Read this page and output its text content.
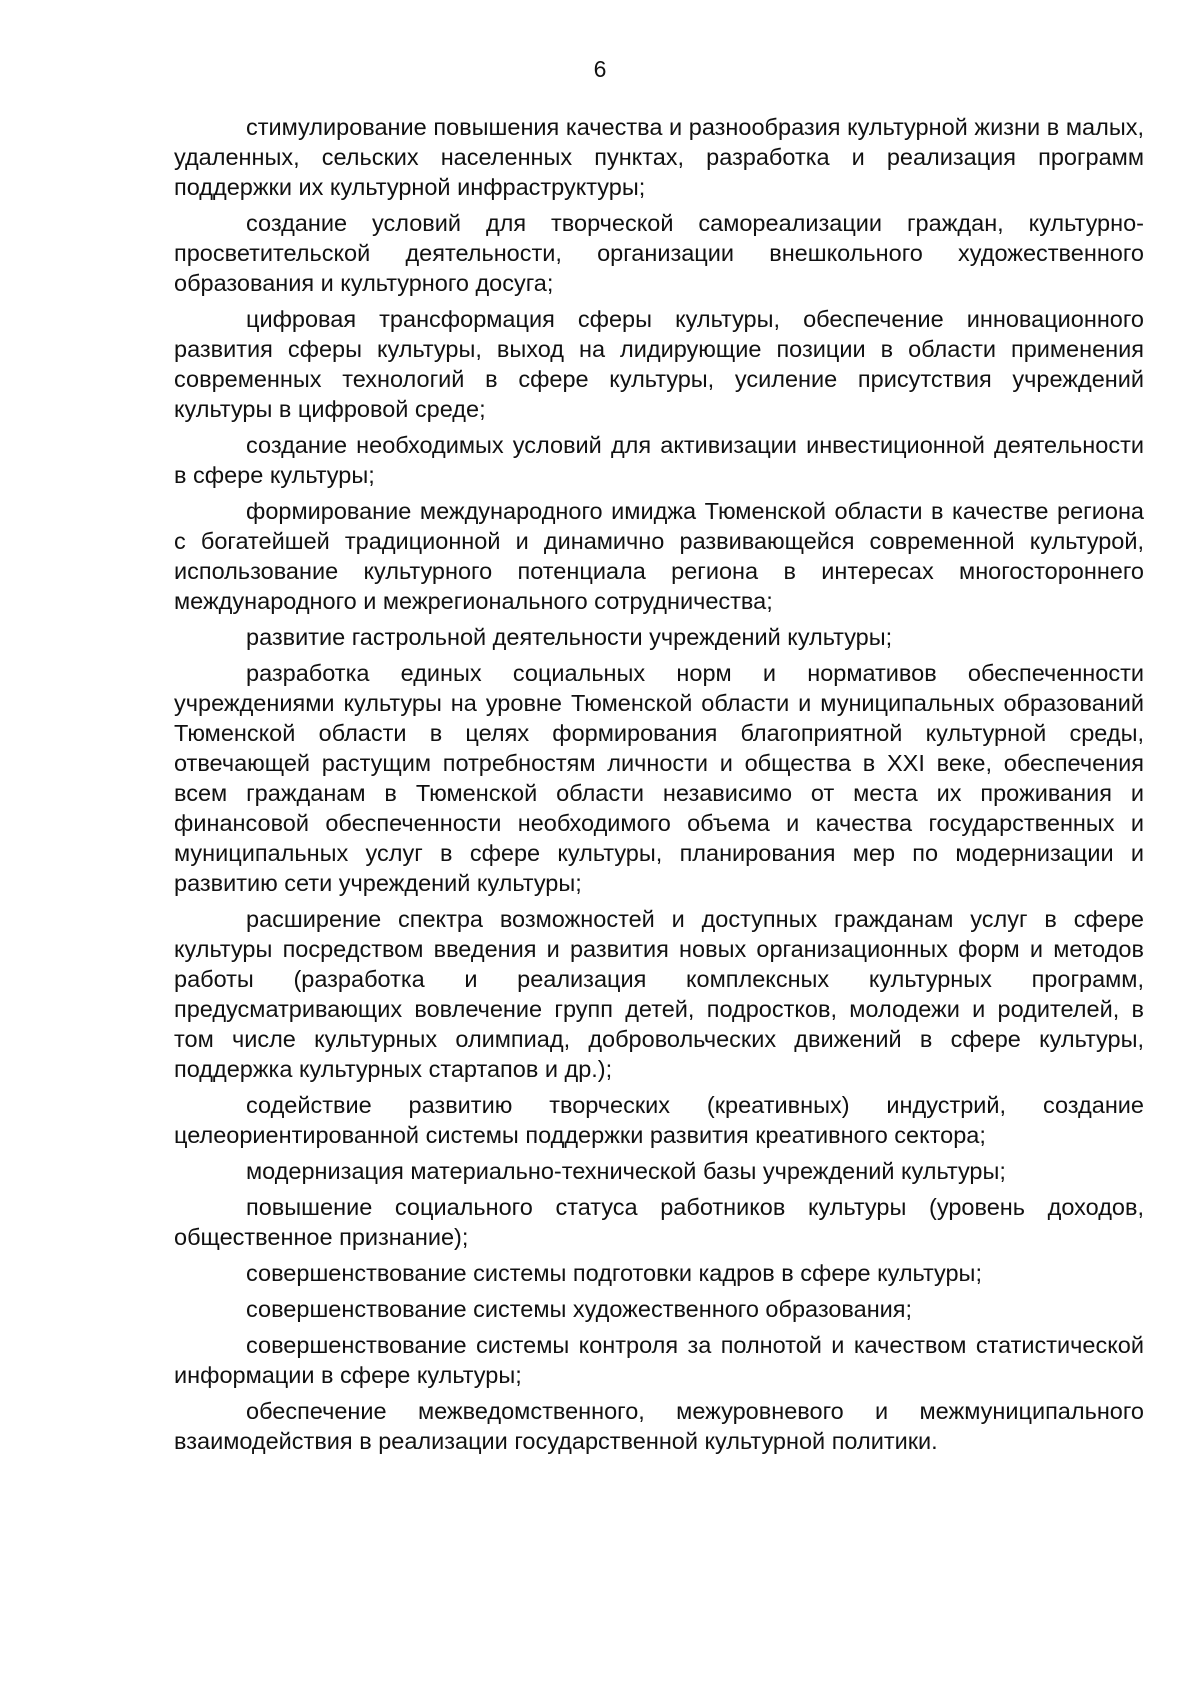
6

стимулирование повышения качества и разнообразия культурной жизни в малых, удаленных, сельских населенных пунктах, разработка и реализация программ поддержки их культурной инфраструктуры;

создание условий для творческой самореализации граждан, культурно-просветительской деятельности, организации внешкольного художественного образования и культурного досуга;

цифровая трансформация сферы культуры, обеспечение инновационного развития сферы культуры, выход на лидирующие позиции в области применения современных технологий в сфере культуры, усиление присутствия учреждений культуры в цифровой среде;

создание необходимых условий для активизации инвестиционной деятельности в сфере культуры;

формирование международного имиджа Тюменской области в качестве региона с богатейшей традиционной и динамично развивающейся современной культурой, использование культурного потенциала региона в интересах многостороннего международного и межрегионального сотрудничества;

развитие гастрольной деятельности учреждений культуры;

разработка единых социальных норм и нормативов обеспеченности учреждениями культуры на уровне Тюменской области и муниципальных образований Тюменской области в целях формирования благоприятной культурной среды, отвечающей растущим потребностям личности и общества в XXI веке, обеспечения всем гражданам в Тюменской области независимо от места их проживания и финансовой обеспеченности необходимого объема и качества государственных и муниципальных услуг в сфере культуры, планирования мер по модернизации и развитию сети учреждений культуры;

расширение спектра возможностей и доступных гражданам услуг в сфере культуры посредством введения и развития новых организационных форм и методов работы (разработка и реализация комплексных культурных программ, предусматривающих вовлечение групп детей, подростков, молодежи и родителей, в том числе культурных олимпиад, добровольческих движений в сфере культуры, поддержка культурных стартапов и др.);

содействие развитию творческих (креативных) индустрий, создание целеориентированной системы поддержки развития креативного сектора;

модернизация материально-технической базы учреждений культуры;

повышение социального статуса работников культуры (уровень доходов, общественное признание);

совершенствование системы подготовки кадров в сфере культуры;

совершенствование системы художественного образования;

совершенствование системы контроля за полнотой и качеством статистической информации в сфере культуры;

обеспечение межведомственного, межуровневого и межмуниципального взаимодействия в реализации государственной культурной политики.
